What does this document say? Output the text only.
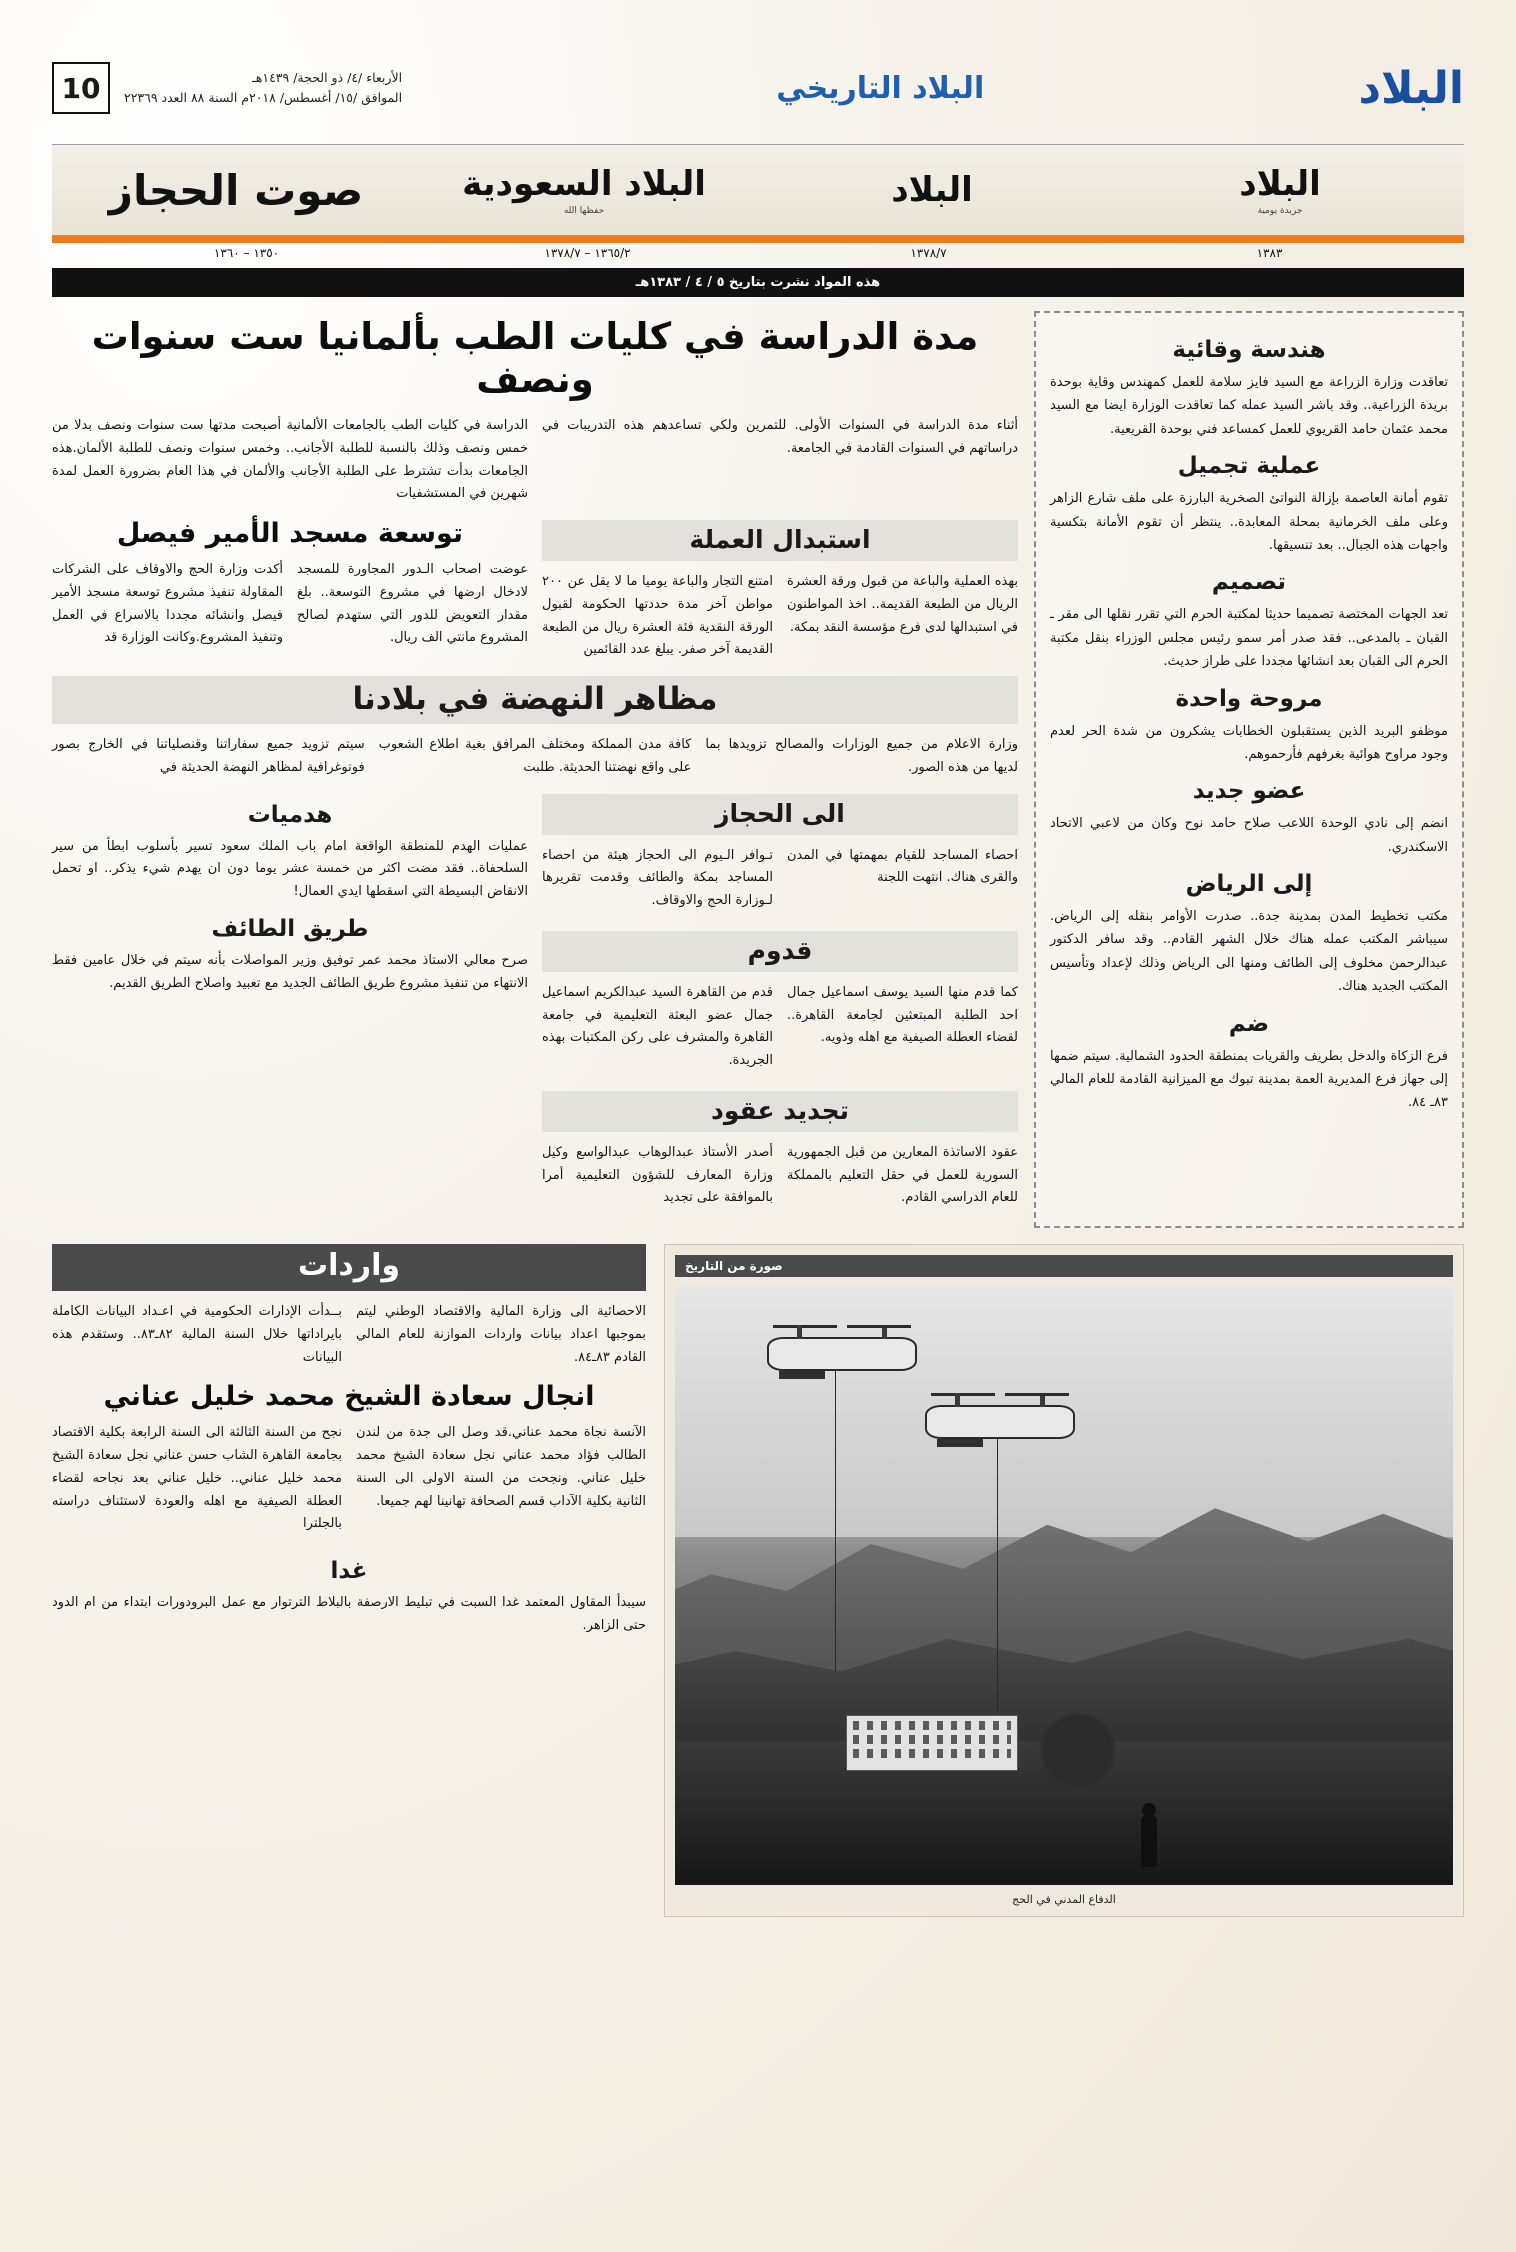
البلاد
البلاد التاريخي
الأربعاء /٤/ ذو الحجة/ ١٤٣٩هـ
الموافق /١٥/ أغسطس/ ٢٠١٨م السنة ٨٨ العدد ٢٢٣٦٩
10
البلاد
جريدة يومية
البلاد
البلاد السعودية
حفظها الله
صوت الحجاز
١٣٨٣
١٣٧٨/٧
١٣٦٥/٢ – ١٣٧٨/٧
١٣٥٠ – ١٣٦٠
هذه المواد نشرت بتاريخ ٥ / ٤ / ١٣٨٣هـ
مدة الدراسة في كليات الطب بألمانيا ست سنوات ونصف

الدراسة في كليات الطب بالجامعات الألمانية أصبحت مدتها ست سنوات ونصف بدلا من خمس ونصف وذلك بالنسبة للطلبة الأجانب.. وخمس سنوات ونصف للطلبة الألمان.هذه الجامعات بدأت تشترط على الطلبة الأجانب والألمان في هذا العام بضرورة العمل لمدة شهرين في المستشفيات

أثناء مدة الدراسة في السنوات الأولى. للتمرين ولكي تساعدهم هذه التدريبات في دراساتهم في السنوات القادمة في الجامعة.

توسعة مسجد الأمير فيصل

أكدت وزارة الحج والاوقاف على الشركات المقاولة تنفيذ مشروع توسعة مسجد الأمير فيصل وانشائه مجددا بالاسراع في العمل وتنفيذ المشروع.وكانت الوزارة قد

عوضت اصحاب الـدور المجاورة للمسجد لادخال ارضها في مشروع التوسعة.. بلغ مقدار التعويض للدور التي ستهدم لصالح المشروع مانتي الف ريال.

استبدال العملة

امتنع التجار والباعة يوميا ما لا يقل عن ٢٠٠ مواطن آخر مدة حددتها الحكومة لقبول الورقة النقدية فئة العشرة ريال من الطبعة القديمة آخر صفر. يبلغ عدد القائمين

بهذه العملية والباعة من قبول ورقة العشرة الريال من الطبعة القديمة.. اخذ المواطنون في استبدالها لدى فرع مؤسسة النقد بمكة.

مظاهر النهضة في بلادنا

سيتم تزويد جميع سفاراتنا وقنصلياتنا في الخارج بصور فوتوغرافية لمظاهر النهضة الحديثة في

كافة مدن المملكة ومختلف المرافق بغية اطلاع الشعوب على واقع نهضتنا الحديثة. طلبت

وزارة الاعلام من جميع الوزارات والمصالح تزويدها بما لديها من هذه الصور.

هدميات

عمليات الهدم للمنطقة الواقعة امام باب الملك سعود تسير بأسلوب ابطأ من سير السلحفاة.. فقد مضت اكثر من خمسة عشر يوما دون ان يهدم شيء يذكر.. او تحمل الانقاض البسيطة التي اسقطها ايدي العمال!

طريق الطائف

صرح معالي الاستاذ محمد عمر توفيق وزير المواصلات بأنه سيتم في خلال عامين فقط الانتهاء من تنفيذ مشروع طريق الطائف الجديد مع تعبيد واصلاح الطريق القديم.

الى الحجاز

تـوافر الـيوم الى الحجاز هيئة من احصاء المساجد بمكة والطائف وقدمت تقريرها لـوزارة الحج والاوقاف.

احصاء المساجد للقيام بمهمتها في المدن والقرى هناك. انتهت اللجنة

قدوم

قدم من القاهرة السيد عبدالكريم اسماعيل جمال عضو البعثة التعليمية في جامعة القاهرة والمشرف على ركن المكتبات بهذه الجريدة.

كما قدم منها السيد يوسف اسماعيل جمال احد الطلبة المبتعثين لجامعة القاهرة.. لقضاء العطلة الصيفية مع اهله وذويه.

تجديد عقود

أصدر الأستاذ عبدالوهاب عبدالواسع وكيل وزارة المعارف للشؤون التعليمية أمرا بالموافقة على تجديد

عقود الاساتذة المعارين من قبل الجمهورية السورية للعمل في حقل التعليم بالمملكة للعام الدراسي القادم.

هندسة وقائية

تعاقدت وزارة الزراعة مع السيد فايز سلامة للعمل كمهندس وقاية بوحدة بريدة الزراعية.. وقد باشر السيد عمله كما تعاقدت الوزارة ايضا مع السيد محمد عثمان حامد القريوي للعمل كمساعد فني بوحدة القريعية.

عملية تجميل

تقوم أمانة العاصمة بإزالة النواتئ الصخرية البارزة على ملف شارع الزاهر وعلى ملف الخرمانية بمحلة المعابدة.. ينتظر أن تقوم الأمانة بتكسية واجهات هذه الجبال.. بعد تنسيقها.

تصميم

تعد الجهات المختصة تصميما حديثا لمكتبة الحرم التي تقرر نقلها الى مقر ـ القبان ـ بالمدعى.. فقد صدر أمر سمو رئيس مجلس الوزراء بنقل مكتبة الحرم الى القبان بعد انشائها مجددا على طراز حديث.

مروحة واحدة

موظفو البريد الذين يستقبلون الخطابات يشكرون من شدة الحر لعدم وجود مراوح هوائية بغرفهم فأرحموهم.

عضو جديد

انضم إلى نادي الوحدة اللاعب صلاح حامد نوح وكان من لاعبي الاتحاد الاسكندري.

إلى الرياض

مكتب تخطيط المدن بمدينة جدة.. صدرت الأوامر بنقله إلى الرياض. سيباشر المكتب عمله هناك خلال الشهر القادم.. وقد سافر الدكتور عبدالرحمن مخلوف إلى الطائف ومنها الى الرياض وذلك لإعداد وتأسيس المكتب الجديد هناك.

ضم

فرع الزكاة والدخل بطريف والقريات بمنطقة الحدود الشمالية. سيتم ضمها إلى جهاز فرع المديرية العمة بمدينة تبوك مع الميزانية القادمة للعام المالي ٨٣ـ ٨٤.

واردات

بــدأت الإدارات الحكومية في اعـداد البيانات الكاملة بايراداتها خلال السنة المالية ٨٢ـ٨٣.. وستقدم هذه البيانات

الاحصائية الى وزارة المالية والاقتصاد الوطني ليتم بموجبها اعداد بيانات واردات الموازنة للعام المالي القادم ٨٣ـ٨٤.

انجال سعادة الشيخ محمد خليل عناني

نجح من السنة الثالثة الى السنة الرابعة بكلية الاقتصاد بجامعة القاهرة الشاب حسن عناني نجل سعادة الشيخ محمد خليل عناني.. خليل عناني بعد نجاحه لقضاء العطلة الصيفية مع اهله والعودة لاستئناف دراسته بالجلترا

الآنسة نجاة محمد عناني.قد وصل الى جدة من لندن الطالب فؤاد محمد عناني نجل سعادة الشيخ محمد خليل عناني. ونجحت من السنة الاولى الى السنة الثانية بكلية الآداب قسم الصحافة تهانينا لهم جميعا.

غدا

سيبدأ المقاول المعتمد غدا السبت في تبليط الارصفة بالبلاط الترتوار مع عمل البرودورات ابتداء من ام الدود حتى الزاهر.

صورة من التاريخ
الدفاع المدني في الحج
